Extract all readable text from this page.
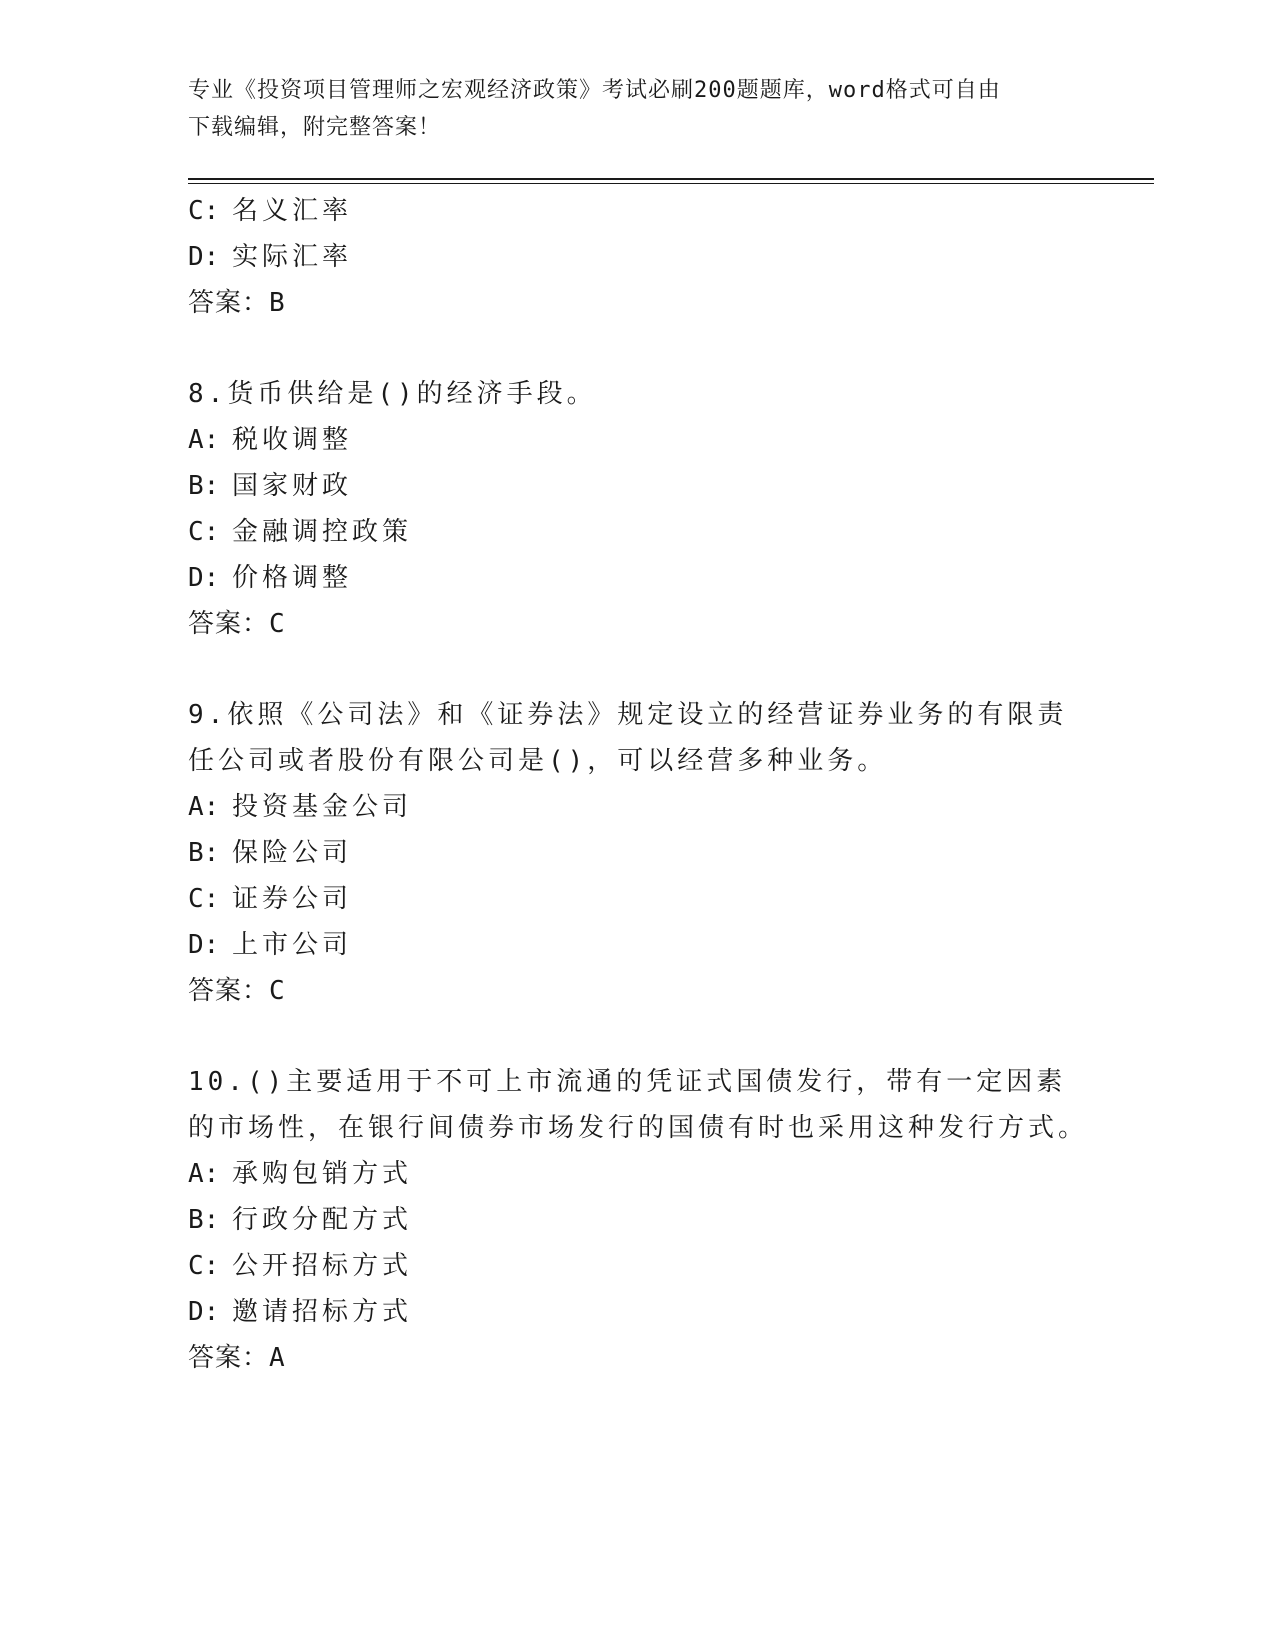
专业《投资项目管理师之宏观经济政策》考试必刷200题题库，word格式可自由
下载编辑，附完整答案！
C: 名义汇率
D: 实际汇率
答案：B
8.货币供给是()的经济手段。
A: 税收调整
B: 国家财政
C: 金融调控政策
D: 价格调整
答案：C
9.依照《公司法》和《证券法》规定设立的经营证券业务的有限责任公司或者股份有限公司是()，可以经营多种业务。
A: 投资基金公司
B: 保险公司
C: 证券公司
D: 上市公司
答案：C
10.()主要适用于不可上市流通的凭证式国债发行，带有一定因素的市场性，在银行间债券市场发行的国债有时也采用这种发行方式。
A: 承购包销方式
B: 行政分配方式
C: 公开招标方式
D: 邀请招标方式
答案：A
